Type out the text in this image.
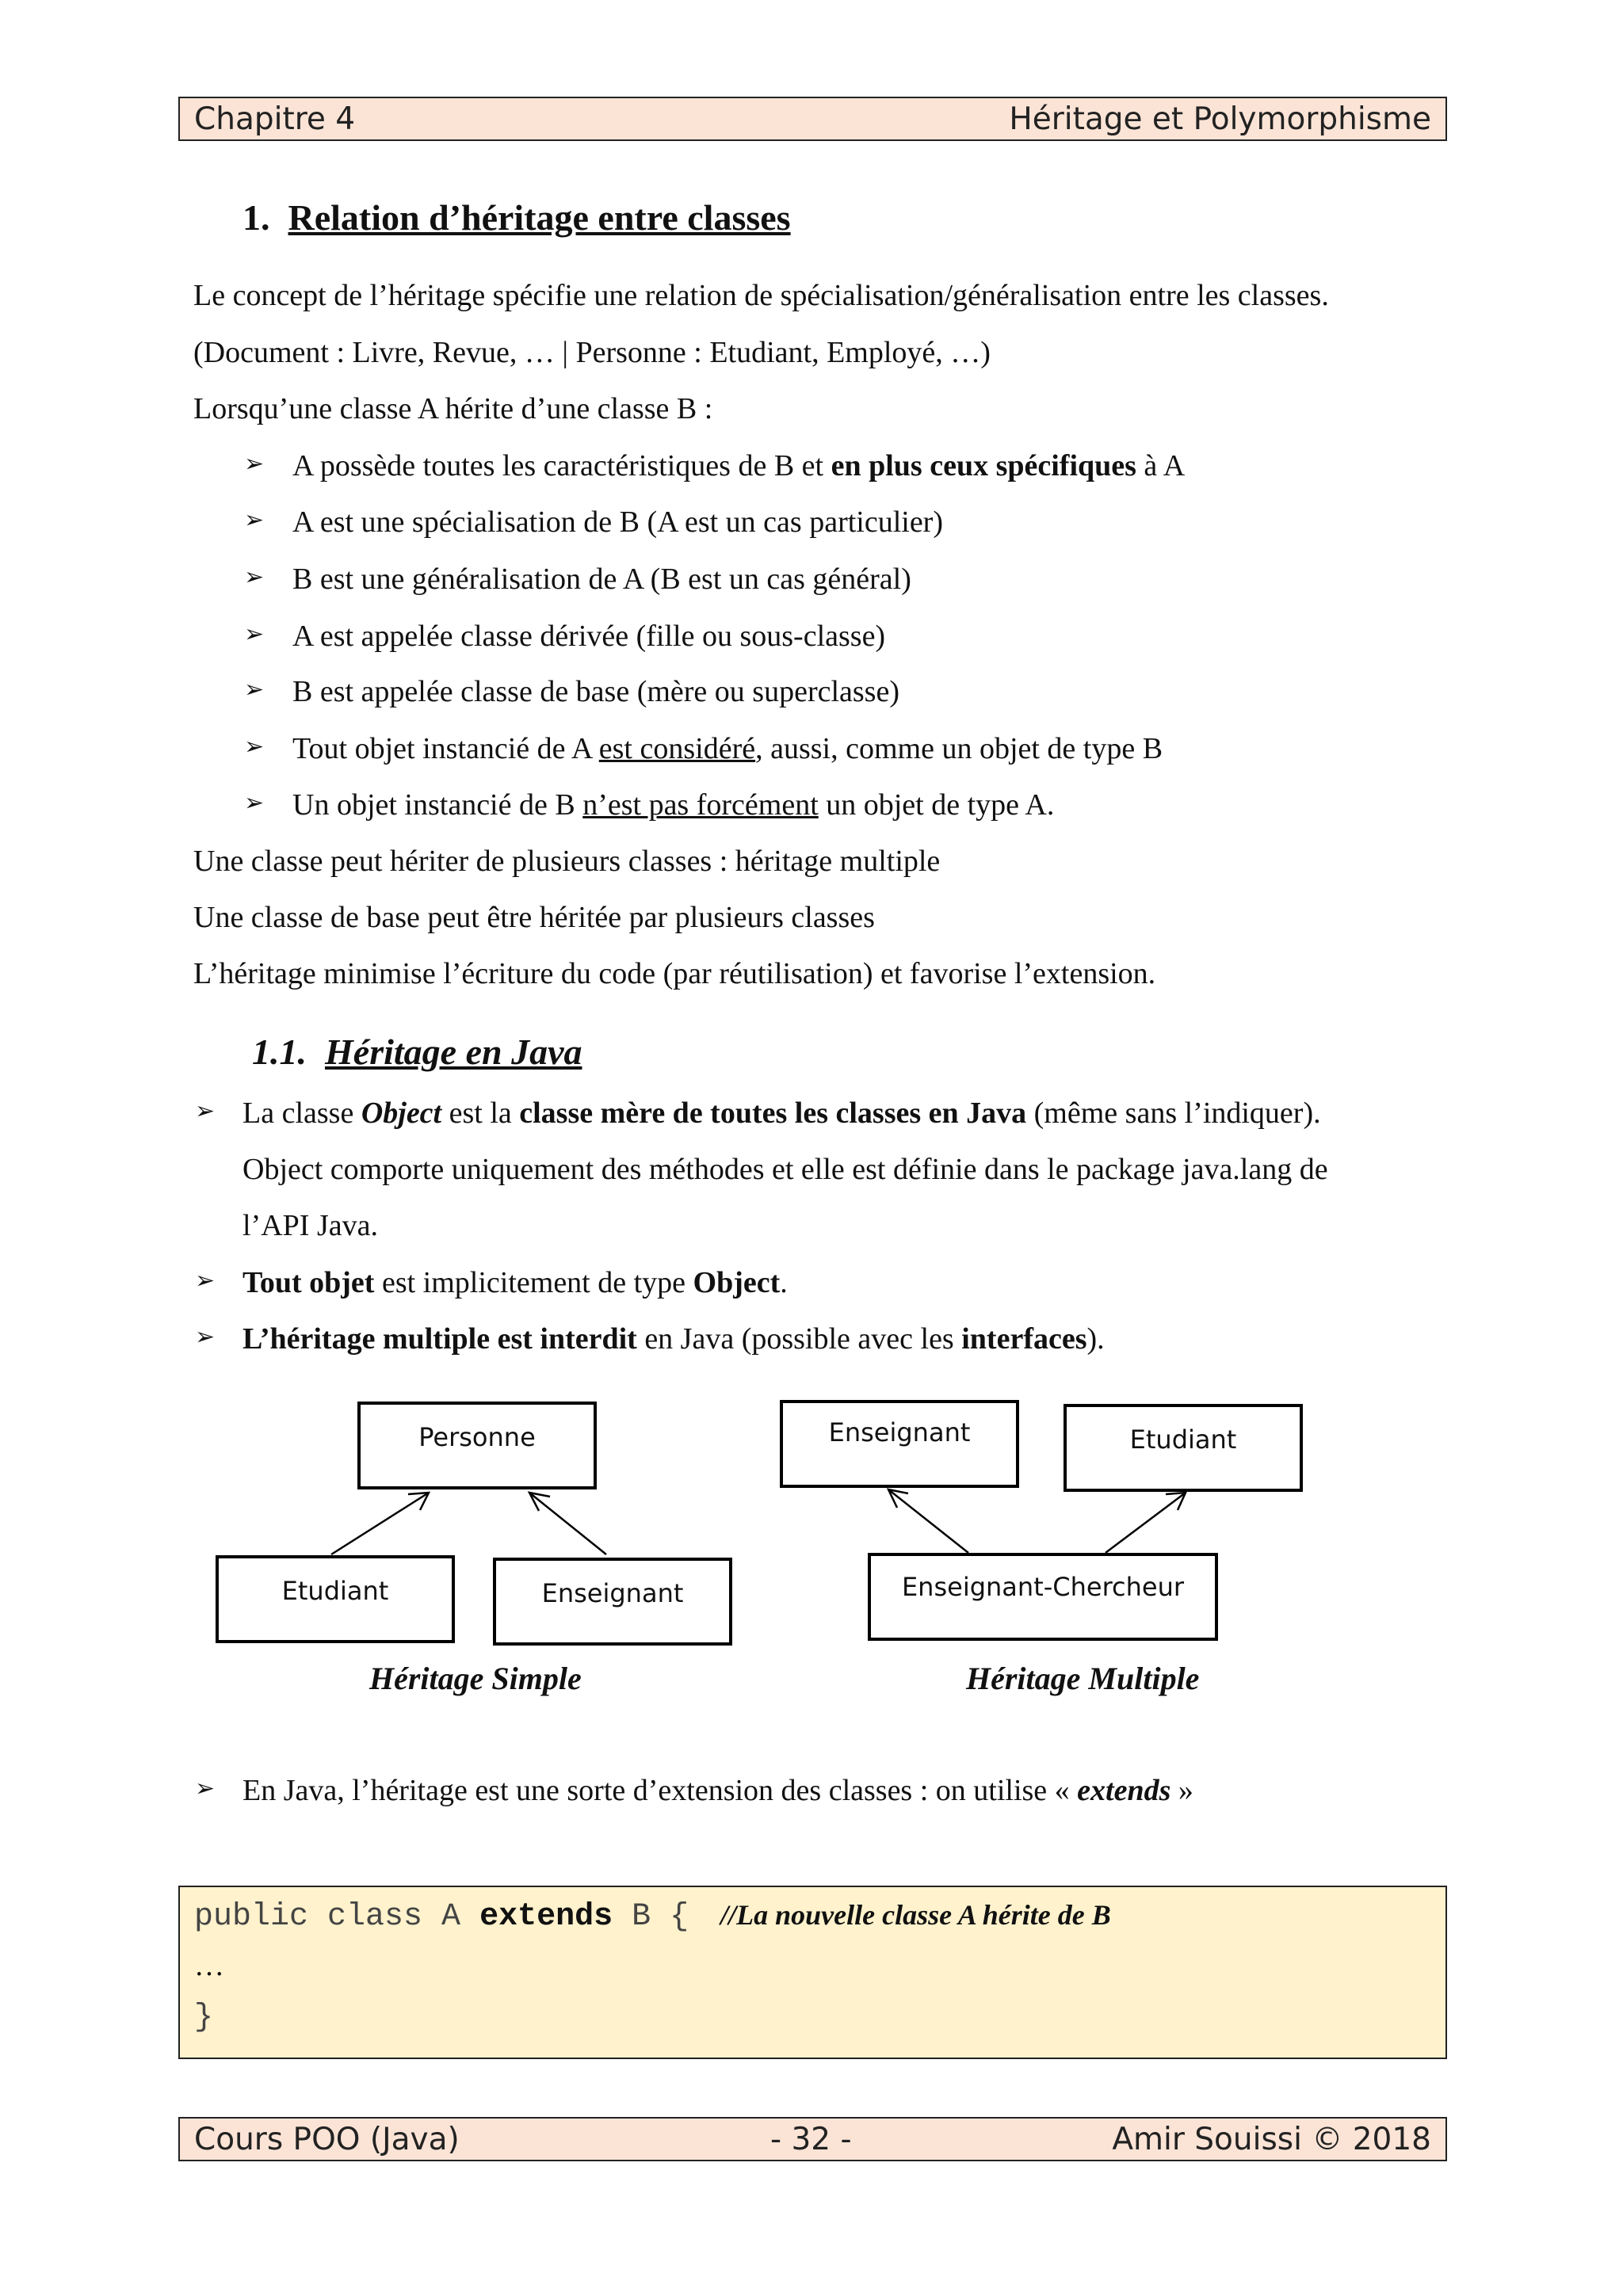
Chapitre 4	Héritage et Polymorphisme
1. Relation d’héritage entre classes
Le concept de l’héritage spécifie une relation de spécialisation/généralisation entre les classes.
(Document : Livre, Revue, … | Personne : Etudiant, Employé, …)
Lorsqu’une classe A hérite d’une classe B :
➢ A possède toutes les caractéristiques de B et en plus ceux spécifiques à A
➢ A est une spécialisation de B (A est un cas particulier)
➢ B est une généralisation de A (B est un cas général)
➢ A est appelée classe dérivée (fille ou sous-classe)
➢ B est appelée classe de base (mère ou superclasse)
➢ Tout objet instancié de A est considéré, aussi, comme un objet de type B
➢ Un objet instancié de B n’est pas forcément un objet de type A.
Une classe peut hériter de plusieurs classes : héritage multiple
Une classe de base peut être héritée par plusieurs classes
L’héritage minimise l’écriture du code (par réutilisation) et favorise l’extension.
1.1. Héritage en Java
➢ La classe Object est la classe mère de toutes les classes en Java (même sans l’indiquer).
Object comporte uniquement des méthodes et elle est définie dans le package java.lang de
l’API Java.
➢ Tout objet est implicitement de type Object.
➢ L’héritage multiple est interdit en Java (possible avec les interfaces).
Personne
Etudiant	Enseignant
Héritage Simple
Enseignant	Etudiant
Enseignant-Chercheur
Héritage Multiple
➢ En Java, l’héritage est une sorte d’extension des classes : on utilise « extends »
public class A extends B { //La nouvelle classe A hérite de B
…
}
Cours POO (Java)	- 32 -	Amir Souissi © 2018
